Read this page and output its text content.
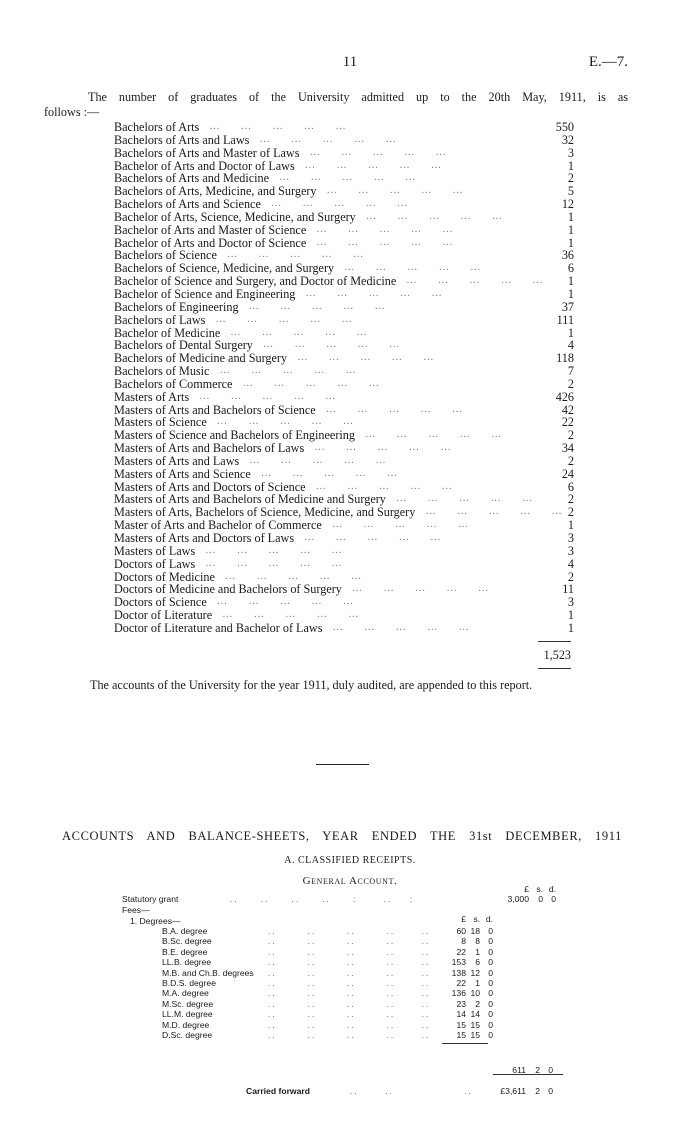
11	E.—7.
The number of graduates of the University admitted up to the 20th May, 1911, is as
follows :—
Bachelors of Arts ...      ...      ...      ...      ...	550
Bachelors of Arts and Laws ...      ...      ...      ...      ...	32
Bachelors of Arts and Master of Laws ...      ...      ...      ...      ...	3
Bachelor of Arts and Doctor of Laws ...      ...      ...      ...      ...	1
Bachelors of Arts and Medicine ...      ...      ...      ...      ...	2
Bachelors of Arts, Medicine, and Surgery ...      ...      ...      ...      ...	5
Bachelors of Arts and Science ...      ...      ...      ...      ...	12
Bachelor of Arts, Science, Medicine, and Surgery ...      ...      ...      ...      ...	1
Bachelor of Arts and Master of Science ...      ...      ...      ...      ...	1
Bachelor of Arts and Doctor of Science ...      ...      ...      ...      ...	1
Bachelors of Science ...      ...      ...      ...      ...	36
Bachelors of Science, Medicine, and Surgery ...      ...      ...      ...      ...	6
Bachelor of Science and Surgery, and Doctor of Medicine ...      ...      ...      ...      ...	1
Bachelor of Science and Engineering ...      ...      ...      ...      ...	1
Bachelors of Engineering ...      ...      ...      ...      ...	37
Bachelors of Laws ...      ...      ...      ...      ...	111
Bachelor of Medicine ...      ...      ...      ...      ...	1
Bachelors of Dental Surgery ...      ...      ...      ...      ...	4
Bachelors of Medicine and Surgery ...      ...      ...      ...      ...	118
Bachelors of Music ...      ...      ...      ...      ...	7
Bachelors of Commerce ...      ...      ...      ...      ...	2
Masters of Arts ...      ...      ...      ...      ...	426
Masters of Arts and Bachelors of Science ...      ...      ...      ...      ...	42
Masters of Science ...      ...      ...      ...      ...	22
Masters of Science and Bachelors of Engineering ...      ...      ...      ...      ...	2
Masters of Arts and Bachelors of Laws ...      ...      ...      ...      ...	34
Masters of Arts and Laws ...      ...      ...      ...      ...	2
Masters of Arts and Science ...      ...      ...      ...      ...	24
Masters of Arts and Doctors of Science ...      ...      ...      ...      ...	6
Masters of Arts and Bachelors of Medicine and Surgery ...      ...      ...      ...      ...	2
Masters of Arts, Bachelors of Science, Medicine, and Surgery ...      ...      ...      ...      ... 2
Master of Arts and Bachelor of Commerce ...      ...      ...      ...      ...	1
Masters of Arts and Doctors of Laws ...      ...      ...      ...      ...	3
Masters of Laws ...      ...      ...      ...      ...	3
Doctors of Laws ...      ...      ...      ...      ...	4
Doctors of Medicine ...      ...      ...      ...      ...	2
Doctors of Medicine and Bachelors of Surgery ...      ...      ...      ...      ...	11
Doctors of Science ...      ...      ...      ...      ...	3
Doctor of Literature ...      ...      ...      ...      ...	1
Doctor of Literature and Bachelor of Laws ...      ...      ...      ...      ...	1
1,523
The accounts of the University for the year 1911, duly audited, are appended to this report.
ACCOUNTS AND BALANCE-SHEETS, YEAR ENDED THE 31st DECEMBER, 1911
A. CLASSIFIED RECEIPTS.
General Account.
£ s. d.
Statutory grant	..     ..     ..     ..     :      ..    :	3,000 0 0
Fees—
1. Degrees—	£ s. d.
B.A. degree	..       ..       ..       ..      ..	60 18 0
B.Sc. degree	..       ..       ..       ..      ..	8 8 0
B.E. degree	..       ..       ..       ..      ..	22 1 0
LL.B. degree	..       ..       ..       ..      ..	153 6 0
M.B. and Ch.B. degrees ..       ..       ..       ..      ..	138 12 0
B.D.S. degree	..       ..       ..       ..      ..	22 1 0
M.A. degree	..       ..       ..       ..      ..	136 10 0
M.Sc. degree	..       ..       ..       ..      ..	23 2 0
LL.M. degree	..       ..       ..       ..      ..	14 14 0
M.D. degree	..       ..       ..       ..      ..	15 15 0
D.Sc. degree	..       ..       ..       ..      ..	15 15 0
611 2 0
Carried forward	..      ..                ..	£3,611 2 0
